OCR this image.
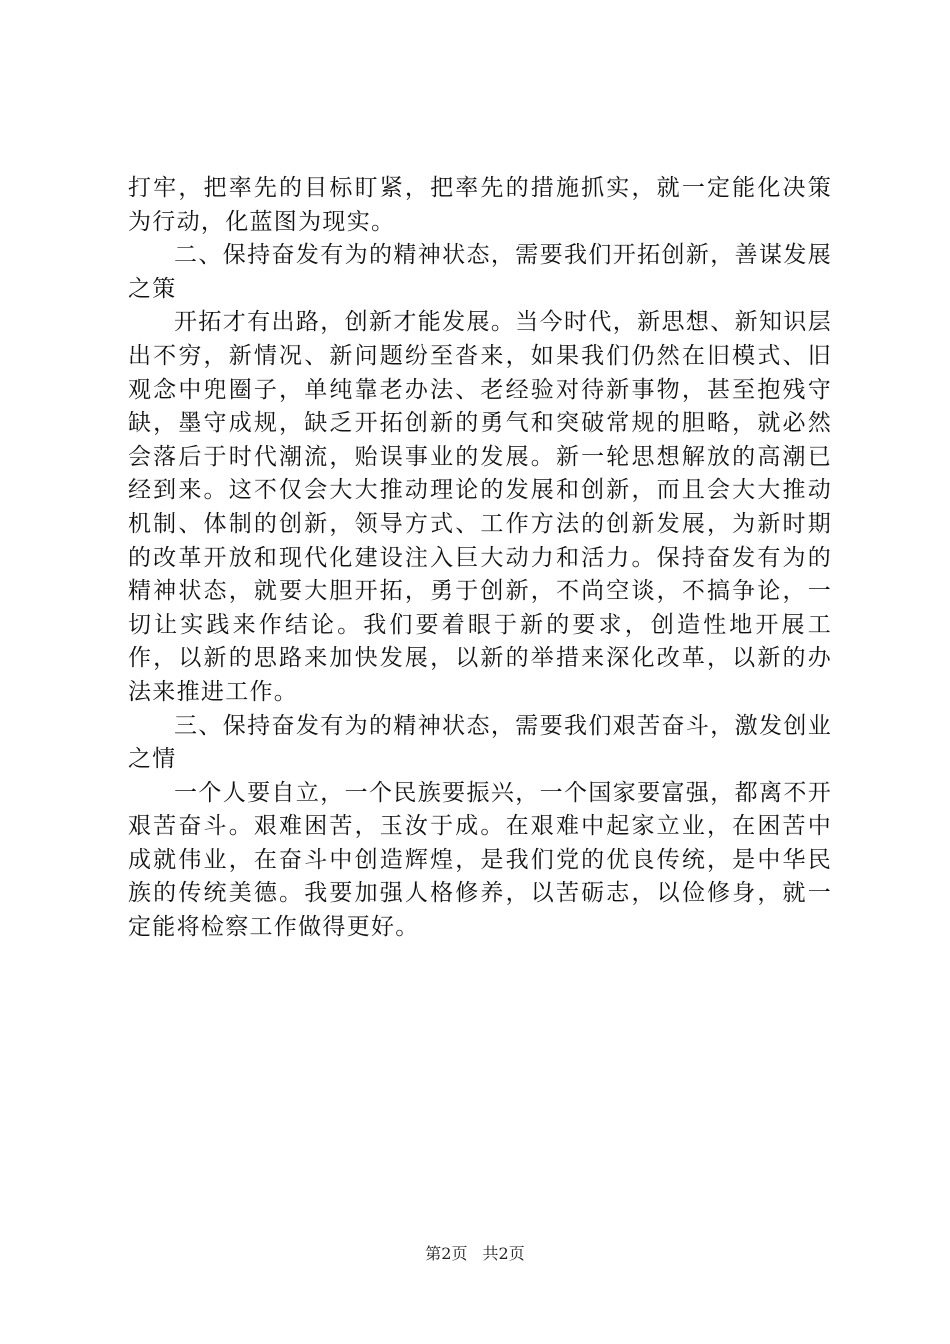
打牢，把率先的目标盯紧，把率先的措施抓实，就一定能化决策为行动，化蓝图为现实。

二、保持奋发有为的精神状态，需要我们开拓创新，善谋发展之策

开拓才有出路，创新才能发展。当今时代，新思想、新知识层出不穷，新情况、新问题纷至沓来，如果我们仍然在旧模式、旧观念中兜圈子，单纯靠老办法、老经验对待新事物，甚至抱残守缺，墨守成规，缺乏开拓创新的勇气和突破常规的胆略，就必然会落后于时代潮流，贻误事业的发展。新一轮思想解放的高潮已经到来。这不仅会大大推动理论的发展和创新，而且会大大推动机制、体制的创新，领导方式、工作方法的创新发展，为新时期的改革开放和现代化建设注入巨大动力和活力。保持奋发有为的精神状态，就要大胆开拓，勇于创新，不尚空谈，不搞争论，一切让实践来作结论。我们要着眼于新的要求，创造性地开展工作，以新的思路来加快发展，以新的举措来深化改革，以新的办法来推进工作。

三、保持奋发有为的精神状态，需要我们艰苦奋斗，激发创业之情

一个人要自立，一个民族要振兴，一个国家要富强，都离不开艰苦奋斗。艰难困苦，玉汝于成。在艰难中起家立业，在困苦中成就伟业，在奋斗中创造辉煌，是我们党的优良传统，是中华民族的传统美德。我要加强人格修养，以苦砺志，以俭修身，就一定能将检察工作做得更好。

第2页 共2页
